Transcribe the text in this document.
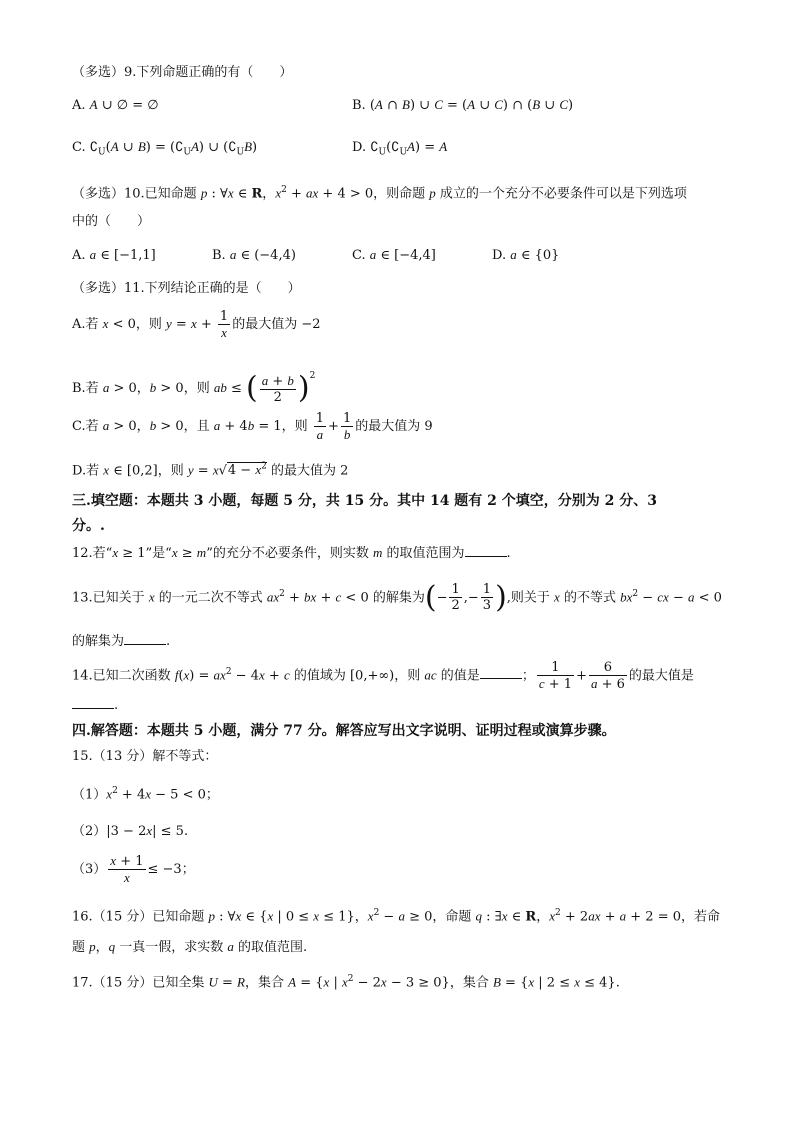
（多选）9.下列命题正确的有（　　）
A. A ∪ ∅ = ∅	B. (A ∩ B) ∪ C = (A ∪ C) ∩ (B ∪ C)
C. $∁_U(A$ ∪ $B) = (∁_UA)$ ∪ $(∁_UB)$	D. $∁_U(∁_UA) = A$
（多选）10.已知命题 p : ∀x ∈ R，$x^2$ + ax + 4 > 0，则命题 p 成立的一个充分不必要条件可以是下列选项
中的（　　）
A. a ∈ [−1,1]	B. a ∈ (−4,4)	C. a ∈ [−4,4]	D. a ∈ {0}
（多选）11.下列结论正确的是（　　）
A.若 x < 0，则 $y = x + \frac{1}{x}$ 的最大值为 −2
B.若 a > 0，b > 0，则 ab ≤ ( $\frac{a + b}{2} )^2$
C.若 a > 0，b > 0，且 a + 4b = 1，则 $\frac{1}{a} + \frac{1}{b}$ 的最大值为 9
D.若 x ∈ [0,2]，则 $y = x√4 - x^2$ 的最大值为 2
三.填空题：本题共 3 小题，每题 5 分，共 15 分。其中 14 题有 2 个填空，分别为 2 分、3
分。.
12.若“x ≥ 1”是“x ≥ m”的充分不必要条件，则实数 m 的取值范围为	.
13.已知关于 x 的一元二次不等式 $ax^2$ + bx + c < 0 的解集为(− $\frac{1}{2}$ ,− $\frac{1}{3}$ ),则关于 x 的不等式 $bx^2$ − cx − a < 0
的解集为	.
14.已知二次函数 $f(x) = ax^2 - 4x + c$ 的值域为 [0,+∞)，则 ac 的值是	； $\frac{1}{c + 1} + \frac{6}{a + 6}$ 的最大值是
.
四.解答题：本题共 5 小题，满分 77 分。解答应写出文字说明、证明过程或演算步骤。
15.（13 分）解不等式：
$(1)x^2 + 4x - 5 < 0$；
（2）|3 − 2x| ≤ 5.
$(3) \frac{x + 1}{x} \le -3$；
16.（15 分）已知命题 p : ∀x ∈ {x | 0 ≤ x ≤ 1}，$x^2 - a \ge 0$，命题 q : ∃x ∈ R，$x^2 + 2ax + a + 2 = 0$，若命
题 p，q 一真一假，求实数 a 的取值范围.
17.（15 分）已知全集 U = R，集合 A = {x | $x^2 - 2x - 3 \ge 0$}，集合 B = {x | 2 ≤ x ≤ 4}.
